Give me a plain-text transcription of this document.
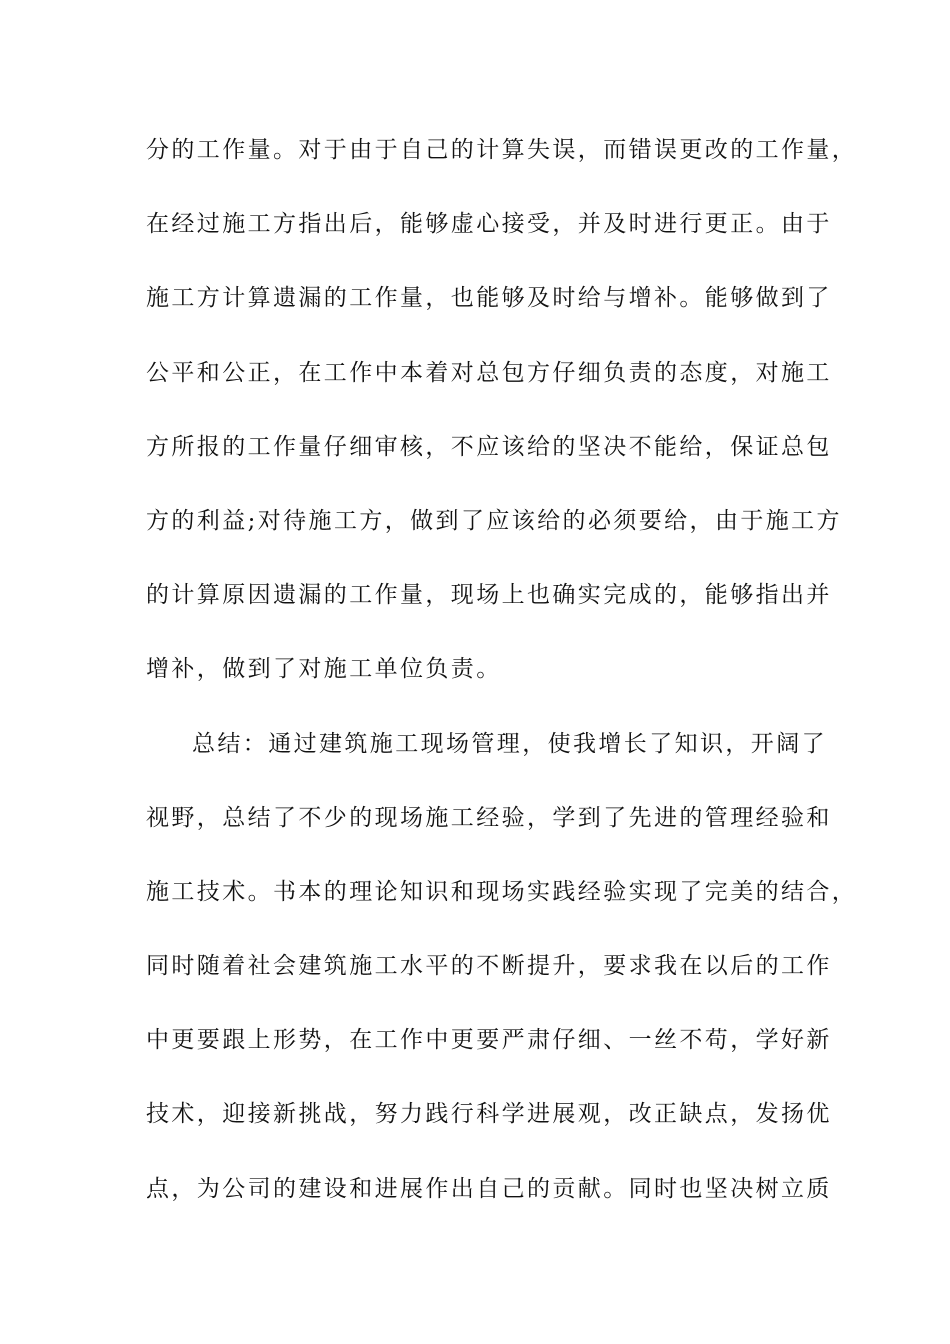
分的工作量。对于由于自己的计算失误，而错误更改的工作量，
在经过施工方指出后，能够虚心接受，并及时进行更正。由于
施工方计算遗漏的工作量，也能够及时给与增补。能够做到了
公平和公正，在工作中本着对总包方仔细负责的态度，对施工
方所报的工作量仔细审核，不应该给的坚决不能给，保证总包
方的利益;对待施工方，做到了应该给的必须要给，由于施工方
的计算原因遗漏的工作量，现场上也确实完成的，能够指出并
增补，做到了对施工单位负责。
总结：通过建筑施工现场管理，使我增长了知识，开阔了
视野，总结了不少的现场施工经验，学到了先进的管理经验和
施工技术。书本的理论知识和现场实践经验实现了完美的结合，
同时随着社会建筑施工水平的不断提升，要求我在以后的工作
中更要跟上形势，在工作中更要严肃仔细、一丝不苟，学好新
技术，迎接新挑战，努力践行科学进展观，改正缺点，发扬优
点，为公司的建设和进展作出自己的贡献。同时也坚决树立质
